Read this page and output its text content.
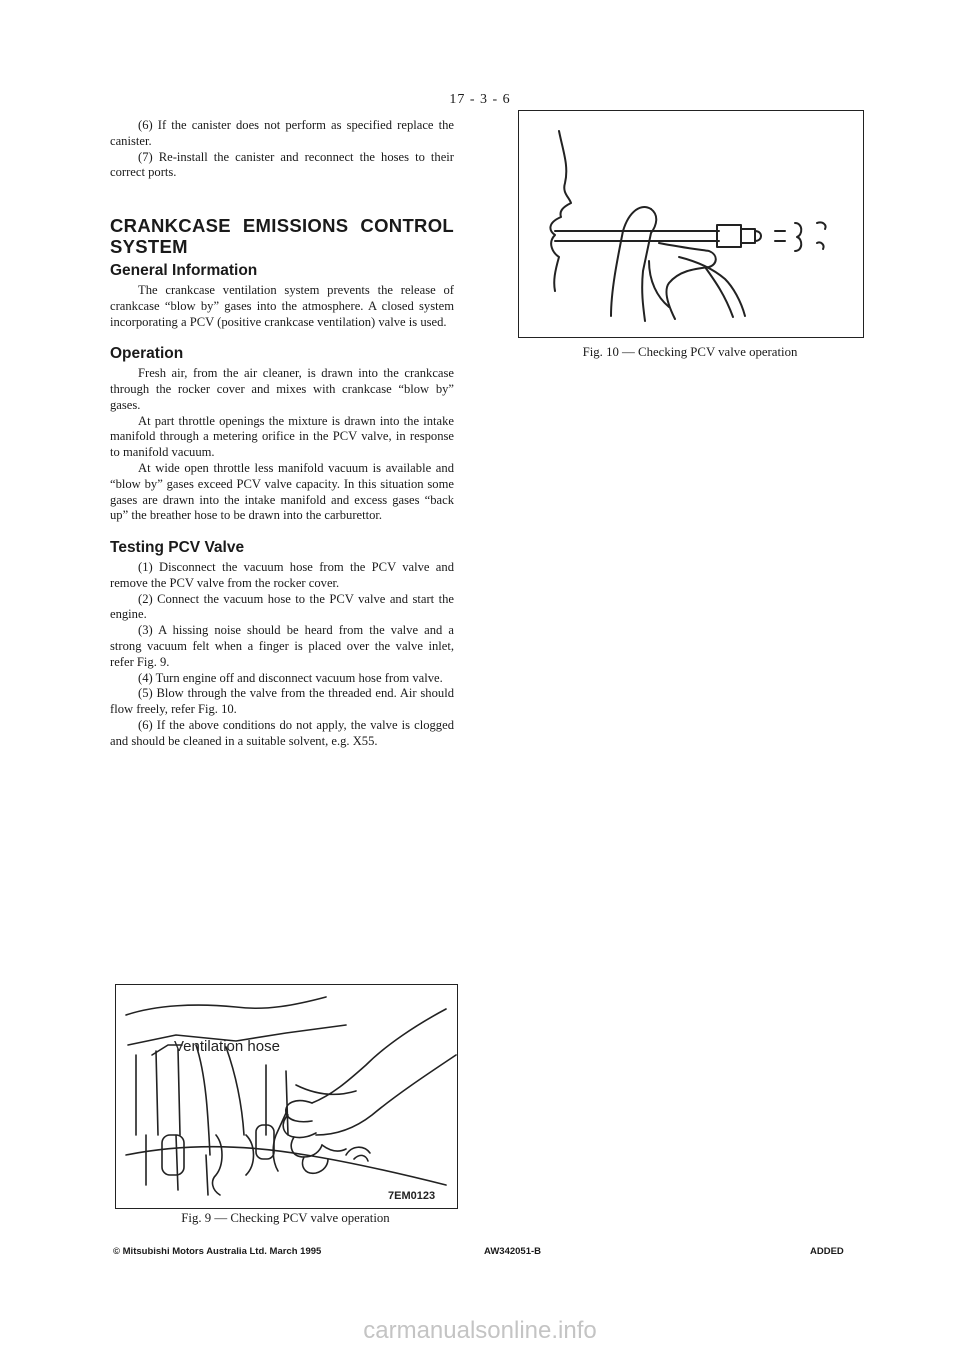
17 - 3 - 6

(6) If the canister does not perform as specified replace the canister.

(7) Re-install the canister and reconnect the hoses to their correct ports.

CRANKCASE EMISSIONS CONTROL SYSTEM
General Information

The crankcase ventilation system prevents the release of crankcase “blow by” gases into the atmosphere. A closed system incorporating a PCV (positive crankcase ventilation) valve is used.

Operation

Fresh air, from the air cleaner, is drawn into the crankcase through the rocker cover and mixes with crankcase “blow by” gases.

At part throttle openings the mixture is drawn into the intake manifold through a metering orifice in the PCV valve, in response to manifold vacuum.

At wide open throttle less manifold vacuum is available and “blow by” gases exceed PCV valve capacity. In this situation some gases are drawn into the intake manifold and excess gases “back up” the breather hose to be drawn into the carburettor.

Testing PCV Valve

(1) Disconnect the vacuum hose from the PCV valve and remove the PCV valve from the rocker cover.

(2) Connect the vacuum hose to the PCV valve and start the engine.

(3) A hissing noise should be heard from the valve and a strong vacuum felt when a finger is placed over the valve inlet, refer Fig. 9.

(4) Turn engine off and disconnect vacuum hose from valve.

(5) Blow through the valve from the threaded end. Air should flow freely, refer Fig. 10.

(6) If the above conditions do not apply, the valve is clogged and should be cleaned in a suitable solvent, e.g. X55.

Fig. 10 — Checking PCV valve operation
Ventilation hose
7EM0123
Fig. 9 — Checking PCV valve operation
© Mitsubishi Motors Australia Ltd. March 1995	AW342051-B	ADDED
carmanualsonline.info
